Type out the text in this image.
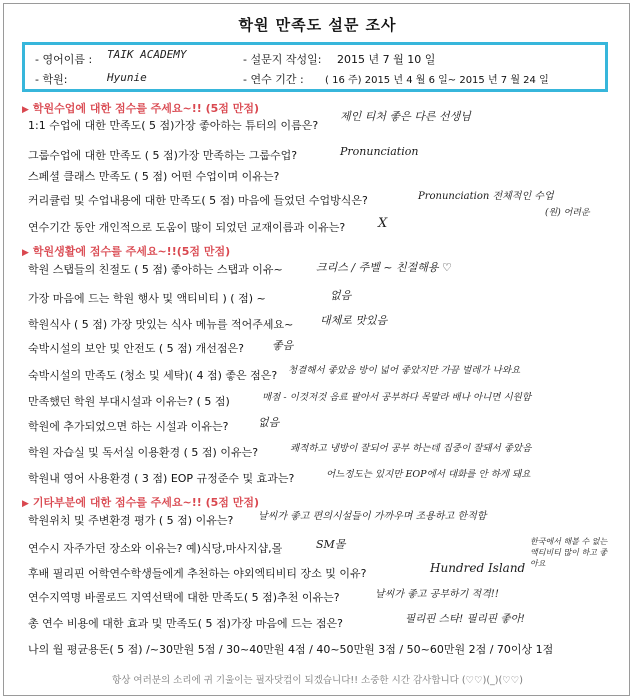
학원 만족도 설문 조사
- 영어이름 : TAIK ACADEMY
- 학원:	Hyunie
- 설문지 작성일: 2015 년 7 월 10 일
- 연수 기간 : ( 16 주) 2015 년 4 월 6 일~ 2015 년 7 월 24 일
▶ 학원수업에 대한 점수를 주세요~!! (5점 만점)
1:1 수업에 대한 만족도( 5 점)가장 좋아하는 튜터의 이름은?
제인 티처 좋은 다른 선생님
그룹수업에 대한 만족도 ( 5 점)가장 만족하는 그룹수업?	Pronunciation
스페셜 클래스 만족도 ( 5 점) 어떤 수업이며 이유는?
커리큘럼 및 수업내용에 대한 만족도( 5 점) 마음에 들었던 수업방식은?	Pronunciation 전체적인 수업
(원) 어려운
연수기간 동안 개인적으로 도움이 많이 되었던 교재이름과 이유는?	X
▶ 학원생활에 점수를 주세요~!!(5점 만점)
학원 스탭들의 친절도 ( 5 점) 좋아하는 스탭과 이유~	크리스 / 주벨 ~ 친절해용 ♡
가장 마음에 드는 학원 행사 및 액티비티 ) ( 점) ~	없음
학원식사 ( 5 점) 가장 맛있는 식사 메뉴를 적어주세요~ 대체로 맛있음
숙박시설의 보안 및 안전도 ( 5 점) 개선점은?	좋음
숙박시설의 만족도 (청소 및 세탁)( 4 점) 좋은 점은? 청결해서 좋았음 방이 넓어 좋았지만 가끔 벌레가 나와요
만족했던 학원 부대시설과 이유는? ( 5 점)	매점 - 이것저것 음료 팔아서 공부하다 목말라 배나 아니면 시원함
학원에 추가되었으면 하는 시설과 이유는?	없음
학원 자습실 및 독서실 이용환경 ( 5 점) 이유는?	쾌적하고 냉방이 잘되어 공부 하는데 집중이 잘돼서 좋았음
학원내 영어 사용환경 ( 3 점) EOP 규정준수 및 효과는?	어느정도는 있지만 EOP에서 대화를 안 하게 돼요
▶ 기타부분에 대한 점수를 주세요~!! (5점 만점)
학원위치 및 주변환경 평가 ( 5 점) 이유는? 날씨가 좋고 편의시설들이 가까우며 조용하고 한적함
연수시 자주가던 장소와 이유는? 예)식당,마사지샵,몰	SM몰
후배 필리핀 어학연수학생들에게 추천하는 야외엑티비티 장소 및 이유?	Hundred Island
한국에서 해볼 수 없는 액티비티 많이 하고 좋아요
연수지역명 바콜로드 지역선택에 대한 만족도( 5 점)추천 이유는?	날씨가 좋고 공부하기 적격!!
총 연수 비용에 대한 효과 및 만족도( 5 점)가장 마음에 드는 점은?	필리핀 스타! 필리핀 좋아!
나의 월 평균용돈( 5 점) /~30만원 5점 / 30~40만원 4점 / 40~50만원 3점 / 50~60만원 2점 / 70이상 1점
항상 여러분의 소리에 귀 기울이는 필자닷컴이 되겠습니다!! 소중한 시간 감사합니다 (♡♡)(_)(♡♡)
